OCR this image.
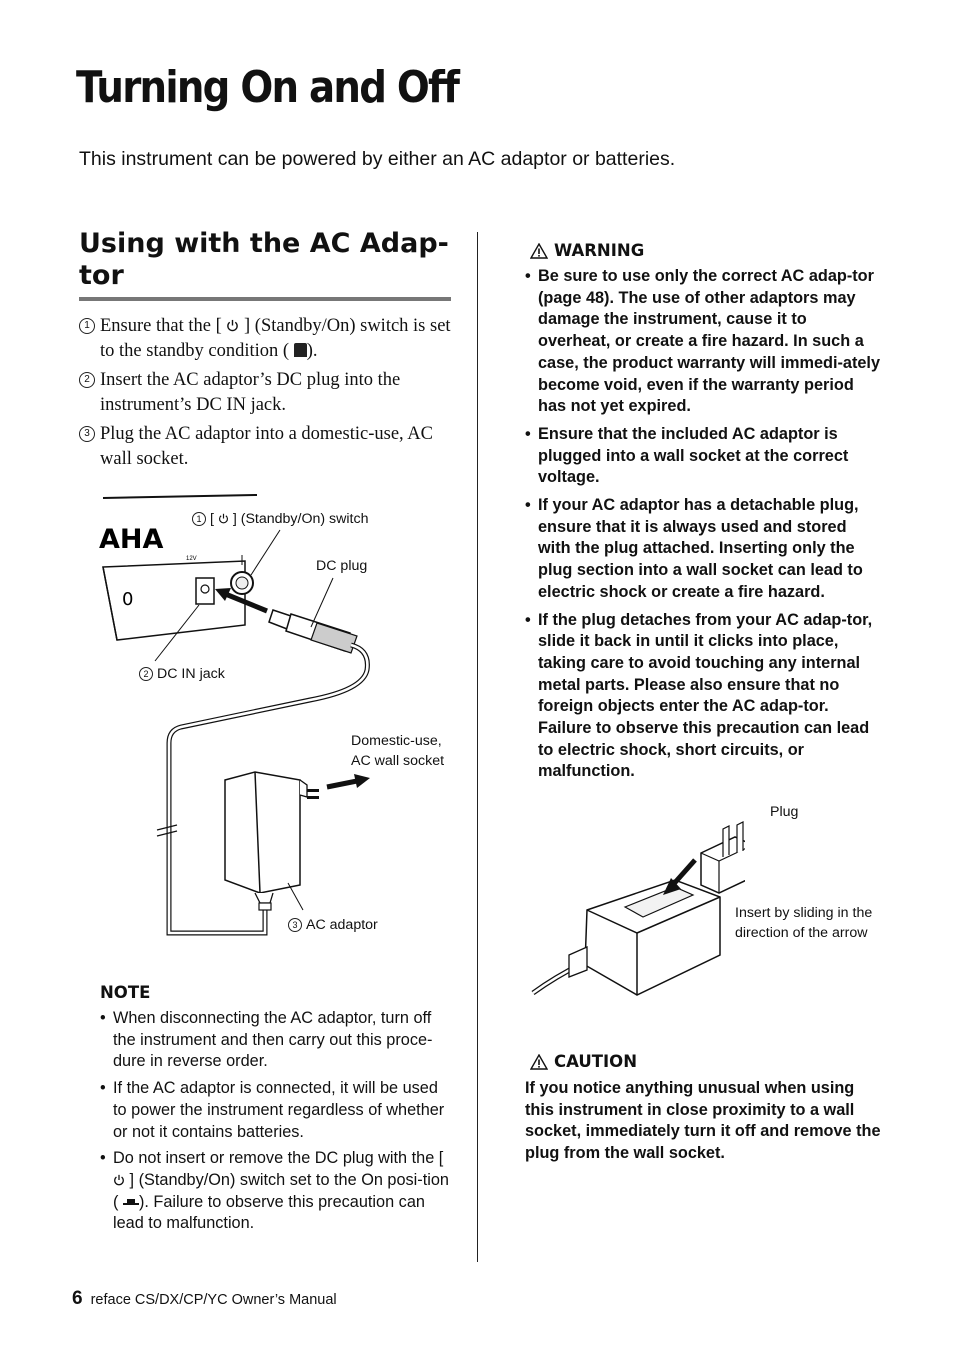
Turning On and Off
This instrument can be powered by either an AC adaptor or batteries.
Using with the AC Adap-
tor
1 Ensure that the [ ] (Standby/On) switch is set to the standby condition ( ).
2 Insert the AC adaptor’s DC plug into the instrument’s DC IN jack.
3 Plug the AC adaptor into a domestic-use, AC wall socket.
AHA
0
12V
1 [ ] (Standby/On) switch
DC plug
2 DC IN jack
Domestic-use,
AC wall socket
3 AC adaptor
NOTE
• When disconnecting the AC adaptor, turn off the instrument and then carry out this proce-dure in reverse order.
• If the AC adaptor is connected, it will be used to power the instrument regardless of whether or not it contains batteries.
• Do not insert or remove the DC plug with the [  ] (Standby/On) switch set to the On posi-tion ( ). Failure to observe this precaution can lead to malfunction.
WARNING
• Be sure to use only the correct AC adap-tor (page 48). The use of other adaptors may damage the instrument, cause it to overheat, or create a fire hazard. In such a case, the product warranty will immedi-ately become void, even if the warranty period has not yet expired.
• Ensure that the included AC adaptor is plugged into a wall socket at the correct voltage.
• If your AC adaptor has a detachable plug, ensure that it is always used and stored with the plug attached. Inserting only the plug section into a wall socket can lead to electric shock or create a fire hazard.
• If the plug detaches from your AC adap-tor, slide it back in until it clicks into place, taking care to avoid touching any internal metal parts. Please also ensure that no foreign objects enter the AC adap-tor. Failure to observe this precaution can lead to electric shock, short circuits, or malfunction.
Plug
Insert by sliding in the
direction of the arrow
CAUTION
If you notice anything unusual when using this instrument in close proximity to a wall socket, immediately turn it off and remove the plug from the wall socket.
6 reface CS/DX/CP/YC Owner’s Manual
